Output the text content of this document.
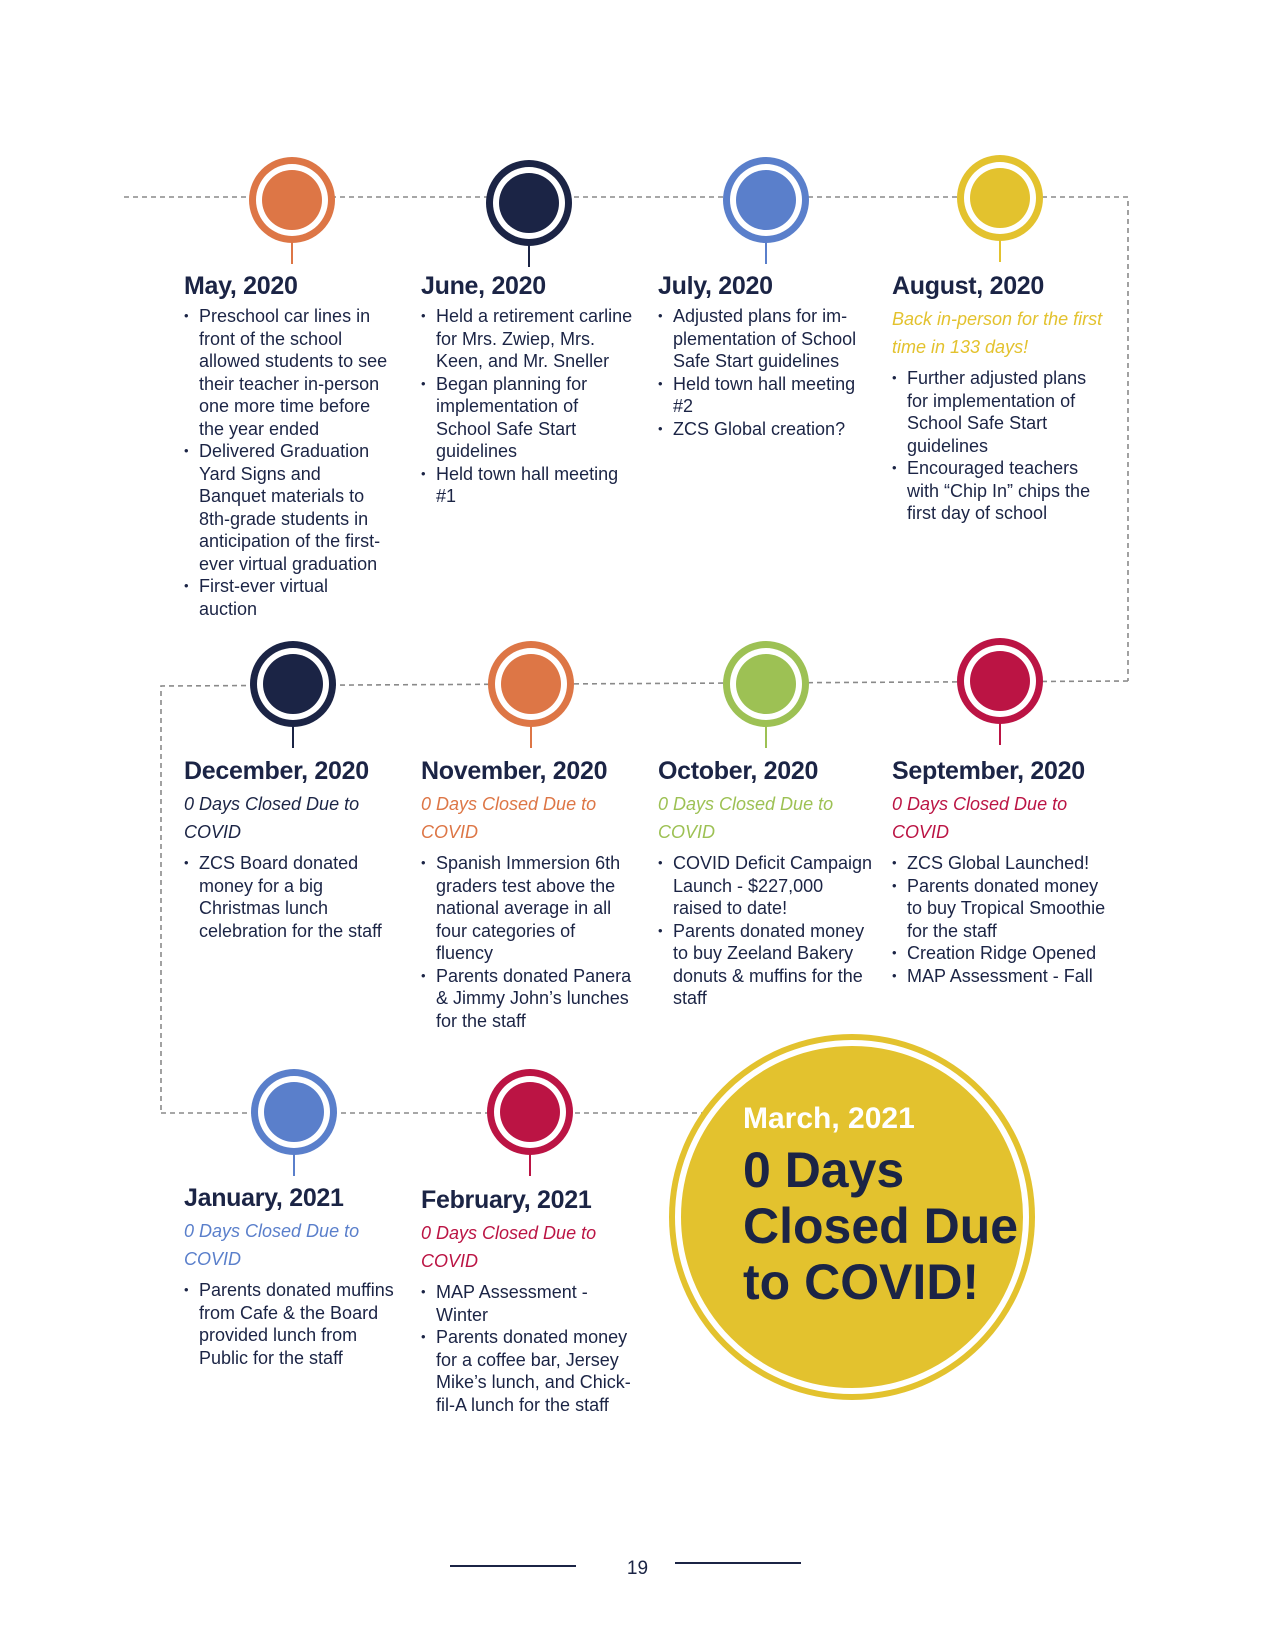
May, 2020
• Preschool car lines in front of the school allowed students to see their teacher in-person one more time before the year ended
• Delivered Graduation Yard Signs and Banquet materials to 8th-grade students in anticipation of the first-ever virtual graduation
• First-ever virtual auction
June, 2020
• Held a retirement carline for Mrs. Zwiep, Mrs. Keen, and Mr. Sneller
• Began planning for implementation of School Safe Start guidelines
• Held town hall meeting #1
July, 2020
• Adjusted plans for im-plementation of School Safe Start guidelines
• Held town hall meeting #2
• ZCS Global creation?
August, 2020

Back in-person for the first time in 133 days!

• Further adjusted plans for implementation of School Safe Start guidelines
• Encouraged teachers with “Chip In” chips the first day of school
December, 2020

0 Days Closed Due to COVID

• ZCS Board donated money for a big Christmas lunch celebration for the staff
November, 2020

0 Days Closed Due to COVID

• Spanish Immersion 6th graders test above the national average in all four categories of fluency
• Parents donated Panera & Jimmy John’s lunches for the staff
October, 2020

0 Days Closed Due to COVID

• COVID Deficit Campaign Launch - $227,000 raised to date!
• Parents donated money to buy Zeeland Bakery donuts & muffins for the staff
September, 2020

0 Days Closed Due to COVID

• ZCS Global Launched!
• Parents donated money to buy Tropical Smoothie for the staff
• Creation Ridge Opened
• MAP Assessment - Fall
January, 2021

0 Days Closed Due to COVID

• Parents donated muffins from Cafe & the Board provided lunch from Public for the staff
February, 2021

0 Days Closed Due to COVID

• MAP Assessment - Winter
• Parents donated money for a coffee bar, Jersey Mike’s lunch, and Chick-fil-A lunch for the staff

March, 2021

0 Days Closed Due to COVID!

19
